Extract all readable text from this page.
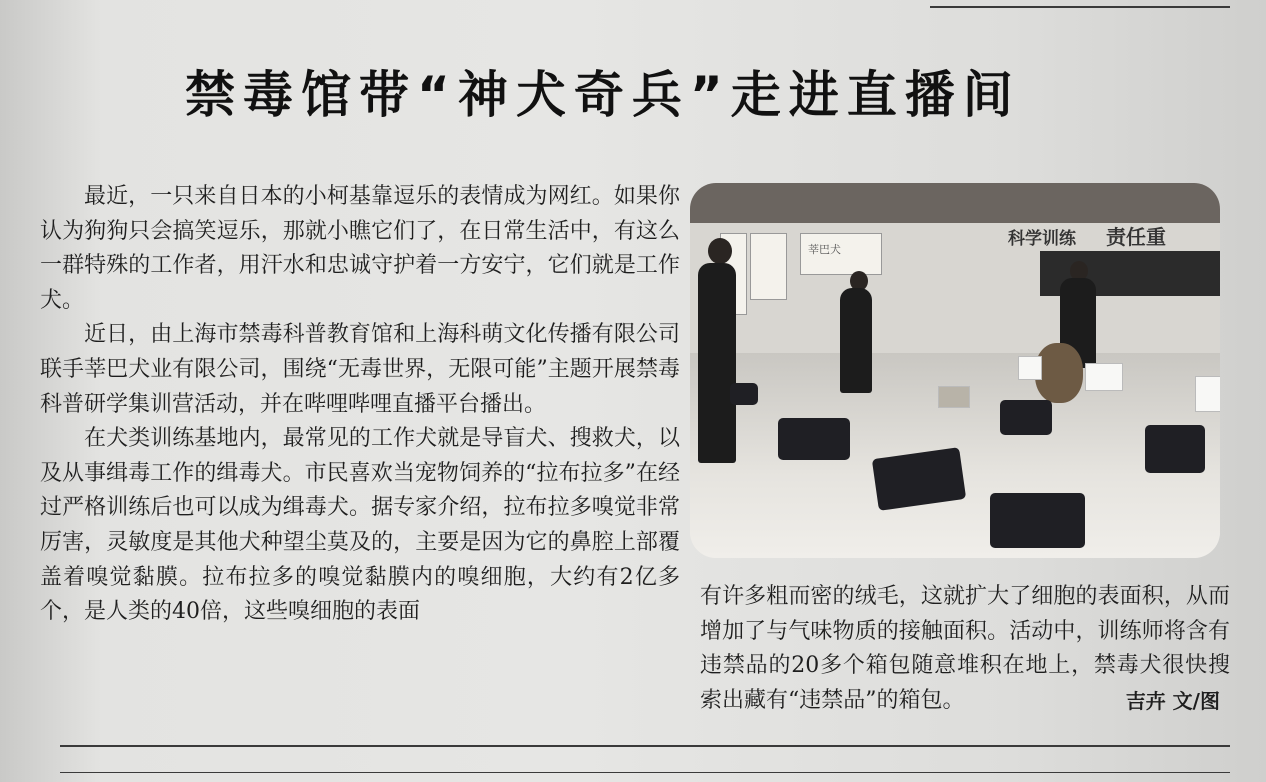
禁毒馆带“神犬奇兵”走进直播间

最近，一只来自日本的小柯基靠逗乐的表情成为网红。如果你认为狗狗只会搞笑逗乐，那就小瞧它们了，在日常生活中，有这么一群特殊的工作者，用汗水和忠诚守护着一方安宁，它们就是工作犬。

近日，由上海市禁毒科普教育馆和上海科萌文化传播有限公司联手莘巴犬业有限公司，围绕“无毒世界，无限可能”主题开展禁毒科普研学集训营活动，并在哔哩哔哩直播平台播出。

在犬类训练基地内，最常见的工作犬就是导盲犬、搜救犬，以及从事缉毒工作的缉毒犬。市民喜欢当宠物饲养的“拉布拉多”在经过严格训练后也可以成为缉毒犬。据专家介绍，拉布拉多嗅觉非常厉害，灵敏度是其他犬种望尘莫及的，主要是因为它的鼻腔上部覆盖着嗅觉黏膜。拉布拉多的嗅觉黏膜内的嗅细胞，大约有2亿多个，是人类的40倍，这些嗅细胞的表面

莘巴犬
科学训练 责任重

有许多粗而密的绒毛，这就扩大了细胞的表面积，从而增加了与气味物质的接触面积。活动中，训练师将含有违禁品的20多个箱包随意堆积在地上，禁毒犬很快搜索出藏有“违禁品”的箱包。	吉卉 文/图
